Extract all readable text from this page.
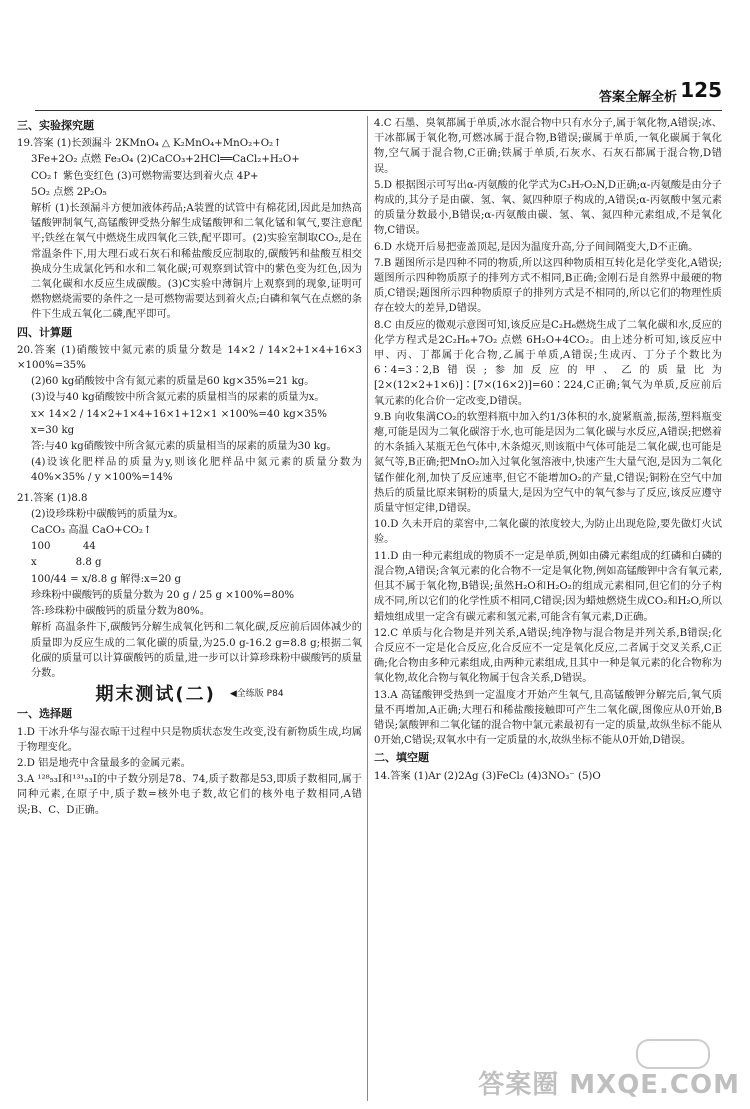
答案全解全析 125
三、实验探究题

19.答案 (1)长颈漏斗 2KMnO₄ △ K₂MnO₄+MnO₂+O₂↑

3Fe+2O₂ 点燃 Fe₃O₄ (2)CaCO₃+2HCl══CaCl₂+H₂O+

CO₂↑ 紫色变红色 (3)可燃物需要达到着火点 4P+

5O₂ 点燃 2P₂O₅

解析 (1)长颈漏斗方便加液体药品;A装置的试管中有棉花团,因此是加热高锰酸钾制氧气,高锰酸钾受热分解生成锰酸钾和二氧化锰和氧气,要注意配平;铁丝在氧气中燃烧生成四氧化三铁,配平即可。(2)实验室制取CO₂,是在常温条件下,用大理石或石灰石和稀盐酸反应制取的,碳酸钙和盐酸互相交换成分生成氯化钙和水和二氧化碳;可观察到试管中的紫色变为红色,因为二氧化碳和水反应生成碳酸。(3)C实验中薄铜片上观察到的现象,证明可燃物燃烧需要的条件之一是可燃物需要达到着火点;白磷和氧气在点燃的条件下生成五氧化二磷,配平即可。

四、计算题

20.答案 (1)硝酸铵中氮元素的质量分数是 14×2 / 14×2+1×4+16×3 ×100%=35%

(2)60 kg硝酸铵中含有氮元素的质量是60 kg×35%=21 kg。

(3)设与40 kg硝酸铵中所含氮元素的质量相当的尿素的质量为x。

x× 14×2 / 14×2+1×4+16×1+12×1 ×100%=40 kg×35%

x=30 kg

答:与40 kg硝酸铵中所含氮元素的质量相当的尿素的质量为30 kg。

(4)设该化肥样品的质量为y,则该化肥样品中氮元素的质量分数为 40%×35% / y ×100%=14%

21.答案 (1)8.8

(2)设珍珠粉中碳酸钙的质量为x。

CaCO₃ 高温 CaO+CO₂↑

100          44

x            8.8 g

100/44 = x/8.8 g 解得:x=20 g

珍珠粉中碳酸钙的质量分数为 20 g / 25 g ×100%=80%

答:珍珠粉中碳酸钙的质量分数为80%。

解析 高温条件下,碳酸钙分解生成氧化钙和二氧化碳,反应前后固体减少的质量即为反应生成的二氧化碳的质量,为25.0 g-16.2 g=8.8 g;根据二氧化碳的质量可以计算碳酸钙的质量,进一步可以计算珍珠粉中碳酸钙的质量分数。

期末测试(二) ◀全练版 P84
一、选择题

1.D 干冰升华与湿衣晾干过程中只是物质状态发生改变,没有新物质生成,均属于物理变化。

2.D 铝是地壳中含量最多的金属元素。

3.A ¹²⁸₅₃I和¹³¹₅₃I的中子数分别是78、74,质子数都是53,即质子数相同,属于同种元素,在原子中,质子数=核外电子数,故它们的核外电子数相同,A错误;B、C、D正确。

4.C 石墨、臭氧都属于单质,冰水混合物中只有水分子,属于氧化物,A错误;冰、干冰都属于氧化物,可燃冰属于混合物,B错误;碳属于单质,一氧化碳属于氧化物,空气属于混合物,C正确;铁属于单质,石灰水、石灰石都属于混合物,D错误。

5.D 根据图示可写出α-丙氨酸的化学式为C₃H₇O₂N,D正确;α-丙氨酸是由分子构成的,其分子是由碳、氢、氧、氮四种原子构成的,A错误;α-丙氨酸中氢元素的质量分数最小,B错误;α-丙氨酸由碳、氢、氧、氮四种元素组成,不是氧化物,C错误。

6.D 水烧开后易把壶盖顶起,是因为温度升高,分子间间隔变大,D不正确。

7.B 题图所示是四种不同的物质,所以这四种物质相互转化是化学变化,A错误;题图所示四种物质原子的排列方式不相同,B正确;金刚石是自然界中最硬的物质,C错误;题图所示四种物质原子的排列方式是不相同的,所以它们的物理性质存在较大的差异,D错误。

8.C 由反应的微观示意图可知,该反应是C₂H₆燃烧生成了二氧化碳和水,反应的化学方程式是2C₂H₆+7O₂ 点燃 6H₂O+4CO₂。由上述分析可知,该反应中甲、丙、丁都属于化合物,乙属于单质,A错误;生成丙、丁分子个数比为6∶4=3∶2,B错误;参加反应的甲、乙的质量比为[2×(12×2+1×6)]∶[7×(16×2)]=60∶224,C正确;氧气为单质,反应前后氧元素的化合价一定改变,D错误。

9.B 向收集满CO₂的软塑料瓶中加入约1/3体积的水,旋紧瓶盖,振荡,塑料瓶变瘪,可能是因为二氧化碳溶于水,也可能是因为二氧化碳与水反应,A错误;把燃着的木条插入某瓶无色气体中,木条熄灭,则该瓶中气体可能是二氧化碳,也可能是氮气等,B正确;把MnO₂加入过氧化氢溶液中,快速产生大量气泡,是因为二氧化锰作催化剂,加快了反应速率,但它不能增加O₂的产量,C错误;铜粉在空气中加热后的质量比原来铜粉的质量大,是因为空气中的氧气参与了反应,该反应遵守质量守恒定律,D错误。

10.D 久未开启的菜窖中,二氧化碳的浓度较大,为防止出现危险,要先做灯火试验。

11.D 由一种元素组成的物质不一定是单质,例如由磷元素组成的红磷和白磷的混合物,A错误;含氧元素的化合物不一定是氧化物,例如高锰酸钾中含有氧元素,但其不属于氧化物,B错误;虽然H₂O和H₂O₂的组成元素相同,但它们的分子构成不同,所以它们的化学性质不相同,C错误;因为蜡烛燃烧生成CO₂和H₂O,所以蜡烛组成里一定含有碳元素和氢元素,可能含有氧元素,D正确。

12.C 单质与化合物是并列关系,A错误;纯净物与混合物是并列关系,B错误;化合反应不一定是化合反应,化合反应不一定是氧化反应,二者属于交叉关系,C正确;化合物由多种元素组成,由两种元素组成,且其中一种是氧元素的化合物称为氧化物,故化合物与氧化物属于包含关系,D错误。

13.A 高锰酸钾受热到一定温度才开始产生氧气,且高锰酸钾分解完后,氧气质量不再增加,A正确;大理石和稀盐酸接触即可产生二氧化碳,图像应从0开始,B错误;氯酸钾和二氧化锰的混合物中氯元素最初有一定的质量,故纵坐标不能从0开始,C错误;双氧水中有一定质量的水,故纵坐标不能从0开始,D错误。

二、填空题

14.答案 (1)Ar (2)2Ag (3)FeCl₂ (4)3NO₃⁻ (5)O

答案圈 MXQE.COM
